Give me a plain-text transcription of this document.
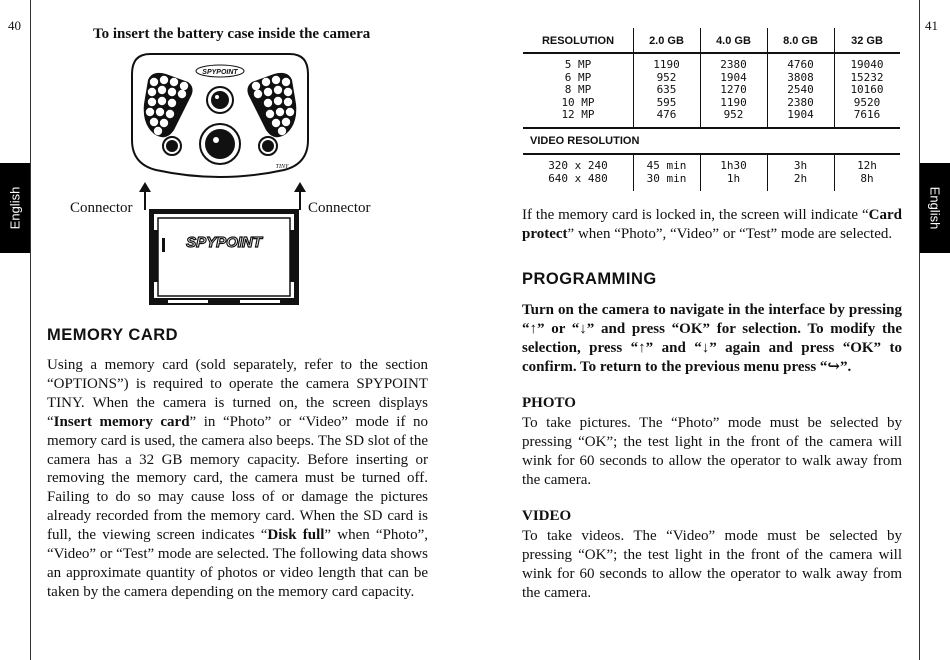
40	41
English	English
To insert the battery case inside the camera
SPYPOINT
TINY
Connector	Connector
SPYPOINT
MEMORY CARD
Using a memory card (sold separately, refer to the section “OPTIONS”) is required to operate the camera SPYPOINT TINY. When the camera is turned on, the screen displays “Insert memory card” in “Photo” or “Video” mode if no memory card is used, the camera also beeps. The SD slot of the camera has a 32 GB memory capacity. Before inserting or removing the memory card, the camera must be turned off. Failing to do so may cause loss of or damage the pictures already recorded from the memory card. When the SD card is full, the viewing screen indicates “Disk full” when “Photo”, “Video” or “Test” mode are selected. The following data shows an approximate quantity of photos or video length that can be taken by the camera depending on the memory card capacity.
RESOLUTION	2.0 GB	4.0 GB	8.0 GB	32 GB
5 MP	1190	2380	4760	19040
6 MP	952	1904	3808	15232
8 MP	635	1270	2540	10160
10 MP	595	1190	2380	9520
12 MP	476	952	1904	7616
VIDEO RESOLUTION
320 x 240	45 min	1h30	3h	12h
640 x 480	30 min	1h	2h	8h
If the memory card is locked in, the screen will indicate “Card protect” when “Photo”, “Video” or “Test” mode are selected.
PROGRAMMING
Turn on the camera to navigate in the interface by pressing “↑” or “↓” and press “OK” for selection. To modify the selection, press “↑” and “↓” again and press “OK” to confirm. To return to the previous menu press “↪”.
PHOTO
To take pictures. The “Photo” mode must be selected by pressing “OK”; the test light in the front of the camera will wink for 60 seconds to allow the operator to walk away from the camera.
VIDEO
To take videos. The “Video” mode must be selected by pressing “OK”; the test light in the front of the camera will wink for 60 seconds to allow the operator to walk away from the camera.
